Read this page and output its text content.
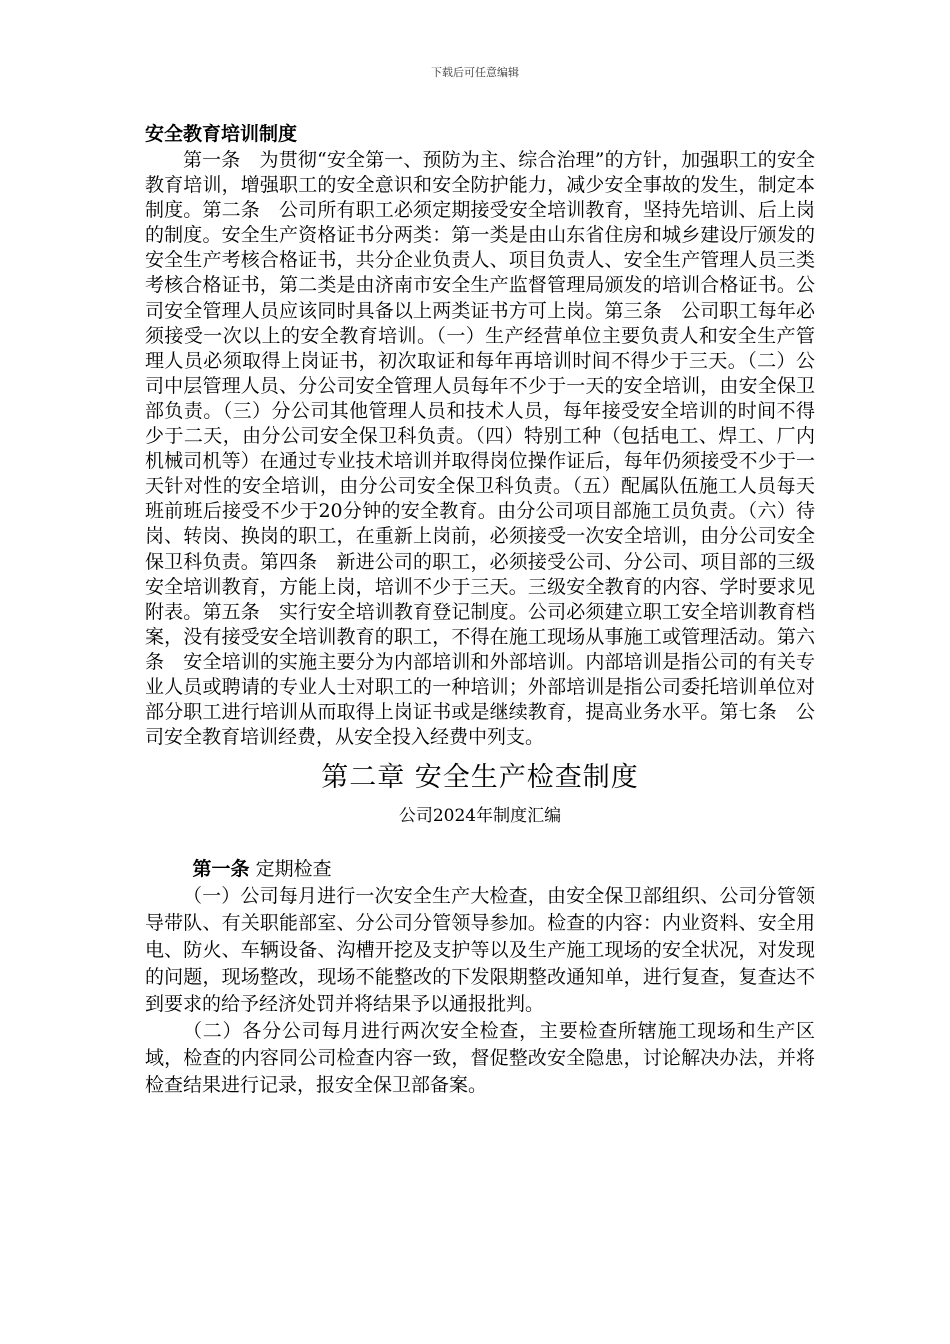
下载后可任意编辑
安全教育培训制度

第一条　为贯彻“安全第一、预防为主、综合治理”的方针，加强职工的安全教育培训，增强职工的安全意识和安全防护能力，减少安全事故的发生，制定本制度。第二条　公司所有职工必须定期接受安全培训教育，坚持先培训、后上岗的制度。安全生产资格证书分两类：第一类是由山东省住房和城乡建设厅颁发的安全生产考核合格证书，共分企业负责人、项目负责人、安全生产管理人员三类考核合格证书，第二类是由济南市安全生产监督管理局颁发的培训合格证书。公司安全管理人员应该同时具备以上两类证书方可上岗。第三条　公司职工每年必须接受一次以上的安全教育培训。（一）生产经营单位主要负责人和安全生产管理人员必须取得上岗证书，初次取证和每年再培训时间不得少于三天。（二）公司中层管理人员、分公司安全管理人员每年不少于一天的安全培训，由安全保卫部负责。（三）分公司其他管理人员和技术人员，每年接受安全培训的时间不得少于二天，由分公司安全保卫科负责。（四）特别工种（包括电工、焊工、厂内机械司机等）在通过专业技术培训并取得岗位操作证后，每年仍须接受不少于一天针对性的安全培训，由分公司安全保卫科负责。（五）配属队伍施工人员每天班前班后接受不少于20分钟的安全教育。由分公司项目部施工员负责。（六）待岗、转岗、换岗的职工，在重新上岗前，必须接受一次安全培训，由分公司安全保卫科负责。第四条　新进公司的职工，必须接受公司、分公司、项目部的三级安全培训教育，方能上岗，培训不少于三天。三级安全教育的内容、学时要求见附表。第五条　实行安全培训教育登记制度。公司必须建立职工安全培训教育档案，没有接受安全培训教育的职工，不得在施工现场从事施工或管理活动。第六条　安全培训的实施主要分为内部培训和外部培训。内部培训是指公司的有关专业人员或聘请的专业人士对职工的一种培训；外部培训是指公司委托培训单位对部分职工进行培训从而取得上岗证书或是继续教育，提高业务水平。第七条　公司安全教育培训经费，从安全投入经费中列支。

第二章 安全生产检查制度
公司2024年制度汇编
第一条 定期检查

（一）公司每月进行一次安全生产大检查，由安全保卫部组织、公司分管领导带队、有关职能部室、分公司分管领导参加。检查的内容：内业资料、安全用电、防火、车辆设备、沟槽开挖及支护等以及生产施工现场的安全状况，对发现的问题，现场整改，现场不能整改的下发限期整改通知单，进行复查，复查达不到要求的给予经济处罚并将结果予以通报批判。

（二）各分公司每月进行两次安全检查，主要检查所辖施工现场和生产区域，检查的内容同公司检查内容一致，督促整改安全隐患，讨论解决办法，并将检查结果进行记录，报安全保卫部备案。
